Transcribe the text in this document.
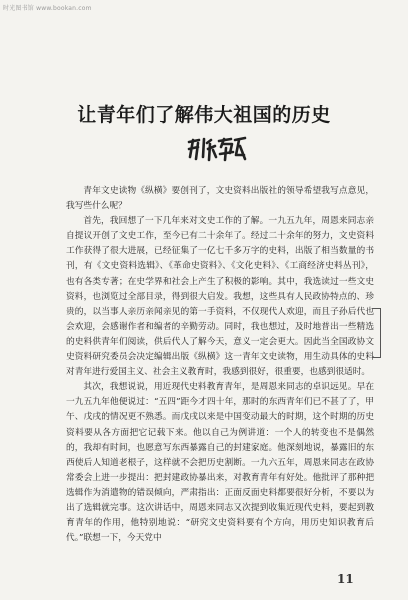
时光图书馆 www.bookan.com
让青年们了解伟大祖国的历史

青年文史读物《纵横》要创刊了，文史资料出版社的领导希望我写点意见，我写些什么呢？

首先，我回想了一下几年来对文史工作的了解。一九五九年，周恩来同志亲自提议开创了文史工作，至今已有二十余年了。经过二十余年的努力，文史资料工作获得了很大进展，已经征集了一亿七千多万字的史料，出版了相当数量的书刊，有《文史资料选辑》、《革命史资料》、《文化史料》、《工商经济史料丛刊》，也有各类专著；在史学界和社会上产生了积极的影响。其中，我选读过一些文史资料，也浏览过全部目录，得到很大启发。我想，这些具有人民政协特点的、珍贵的，以当事人亲历亲闻亲见的第一手资料，不仅现代人欢迎，而且子孙后代也会欢迎，会感谢作者和编者的辛勤劳动。同时，我也想过，及时地普出一些精选的史料供青年们阅读，供后代人了解今天，意义一定会更大。因此当全国政协文史资料研究委员会决定编辑出版《纵横》这一青年文史读物，用生动具体的史料对青年进行爱国主义、社会主义教育时，我感到很好，很重要，也感到很适时。

其次，我想说说，用近现代史料教育青年，是周恩来同志的卓识远见。早在一九五九年他便说过：“五四”距今才四十年，那时的东西青年们已不甚了了，甲午、戊戌的情况更不熟悉。而戊戌以来是中国变动最大的时期，这个时期的历史资料要从各方面把它记载下来。他以自己为例讲道：一个人的转变也不是偶然的，我却有时间，也愿意写东西暴露自己的封建家庭。他深刻地说，暴露旧的东西使后人知道老根子，这样就不会把历史割断。一九六五年，周恩来同志在政协常委会上进一步提出：把封建政协暴出来，对教育青年有好处。他批评了那种把选辑作为消遣物的错误倾向，严肃指出：正面反面史料都要很好分析，不要以为出了选辑就完事。这次讲话中，周恩来同志又次提到收集近现代史料，要起到教育青年的作用，他特别地说：“研究文史资料要有个方向，用历史知识教育后代。”联想一下，今天党中

11
